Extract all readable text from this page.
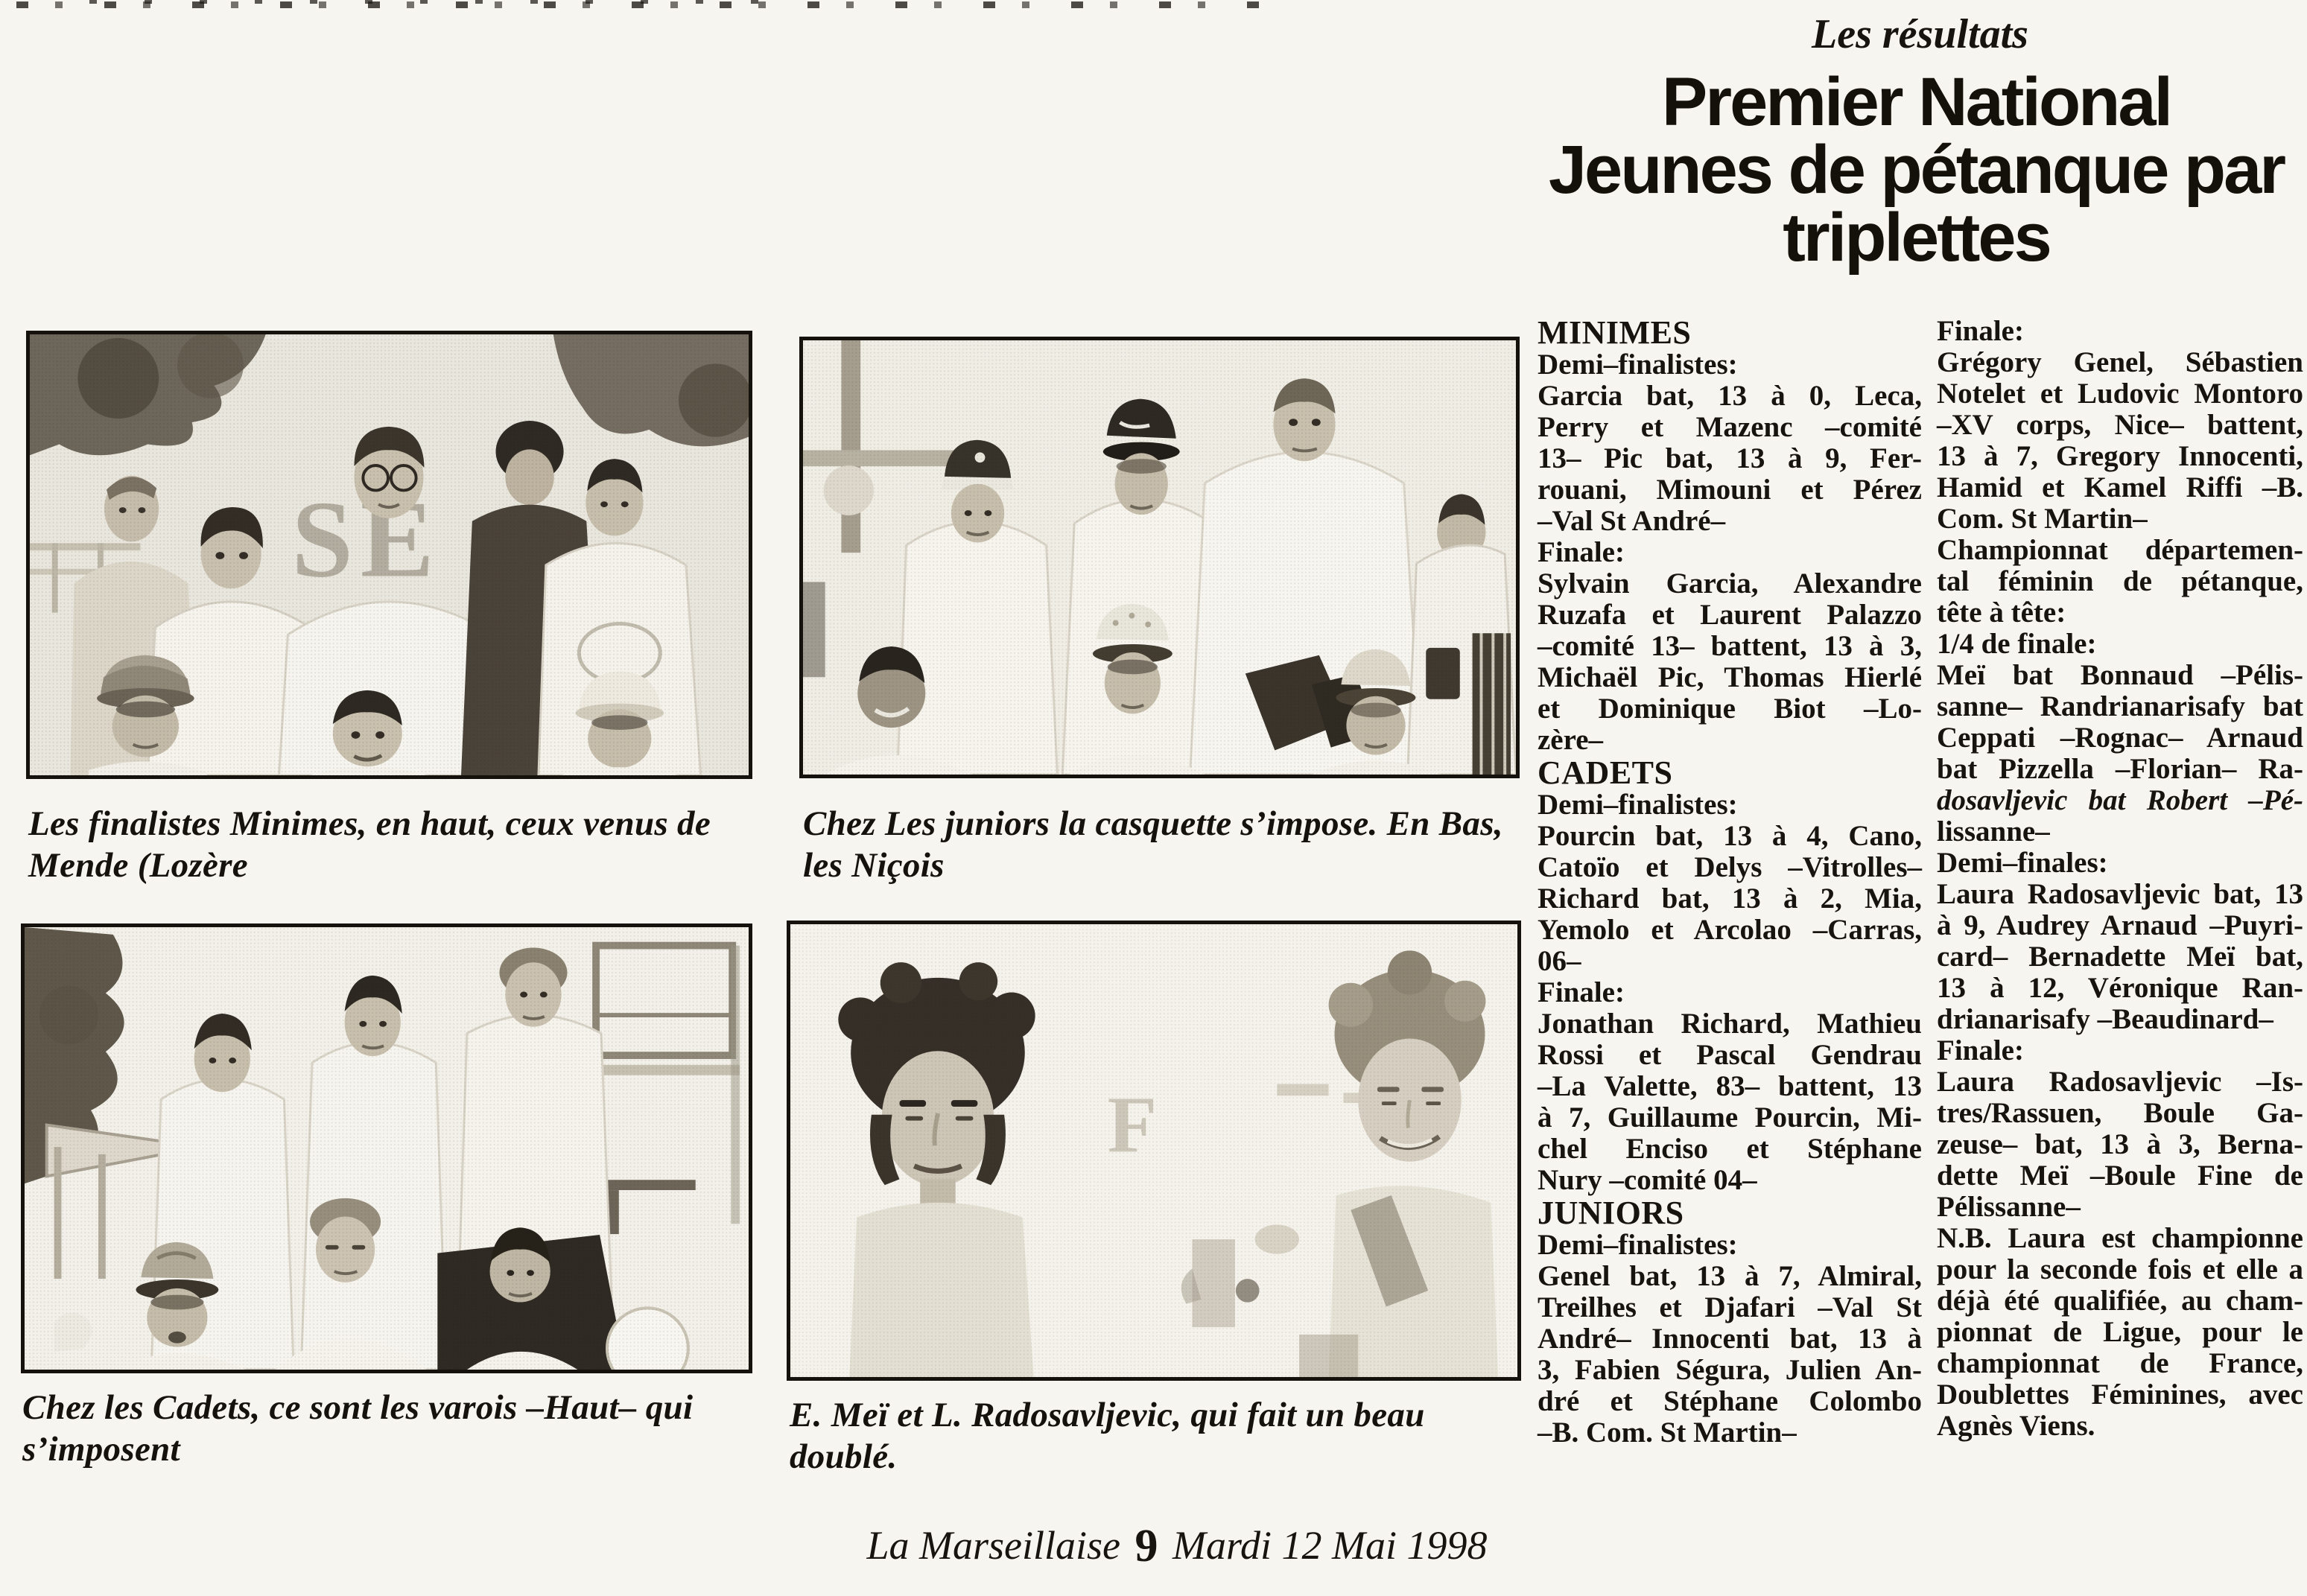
Les finalistes Minimes, en haut, ceux venus de Mende (Lozère
Chez Les juniors la casquette s’impose. En Bas, les Niçois
Chez les Cadets, ce sont les varois –Haut– qui s’imposent
E. Meï et L. Radosavljevic, qui fait un beau doublé.
Les résultats
Premier National
Jeunes de pétanque par
triplettes
MINIMES
Demi–finalistes:
Garcia bat, 13 à 0, Leca,
Perry et Mazenc –comité
13– Pic bat, 13 à 9, Fer-
rouani, Mimouni et Pérez
–Val St André–
Finale:
Sylvain Garcia, Alexandre
Ruzafa et Laurent Palazzo
–comité 13– battent, 13 à 3,
Michaël Pic, Thomas Hierlé
et Dominique Biot –Lo-
zère–
CADETS
Demi–finalistes:
Pourcin bat, 13 à 4, Cano,
Catoïo et Delys –Vitrolles–
Richard bat, 13 à 2, Mia,
Yemolo et Arcolao –Carras,
06–
Finale:
Jonathan Richard, Mathieu
Rossi et Pascal Gendrau
–La Valette, 83– battent, 13
à 7, Guillaume Pourcin, Mi-
chel Enciso et Stéphane
Nury –comité 04–
JUNIORS
Demi–finalistes:
Genel bat, 13 à 7, Almiral,
Treilhes et Djafari –Val St
André– Innocenti bat, 13 à
3, Fabien Ségura, Julien An-
dré et Stéphane Colombo
–B. Com. St Martin–
Finale:
Grégory Genel, Sébastien
Notelet et Ludovic Montoro
–XV corps, Nice– battent,
13 à 7, Gregory Innocenti,
Hamid et Kamel Riffi –B.
Com. St Martin–
Championnat départemen-
tal féminin de pétanque,
tête à tête:
1/4 de finale:
Meï bat Bonnaud –Pélis-
sanne– Randrianarisafy bat
Ceppati –Rognac– Arnaud
bat Pizzella –Florian– Ra-
dosavljevic bat Robert –Pé-
lissanne–
Demi–finales:
Laura Radosavljevic bat, 13
à 9, Audrey Arnaud –Puyri-
card– Bernadette Meï bat,
13 à 12, Véronique Ran-
drianarisafy –Beaudinard–
Finale:
Laura Radosavljevic –Is-
tres/Rassuen, Boule Ga-
zeuse– bat, 13 à 3, Berna-
dette Meï –Boule Fine de
Pélissanne–
N.B. Laura est championne
pour la seconde fois et elle a
déjà été qualifiée, au cham-
pionnat de Ligue, pour le
championnat de France,
Doublettes Féminines, avec
Agnès Viens.
La Marseillaise 9 Mardi 12 Mai 1998
